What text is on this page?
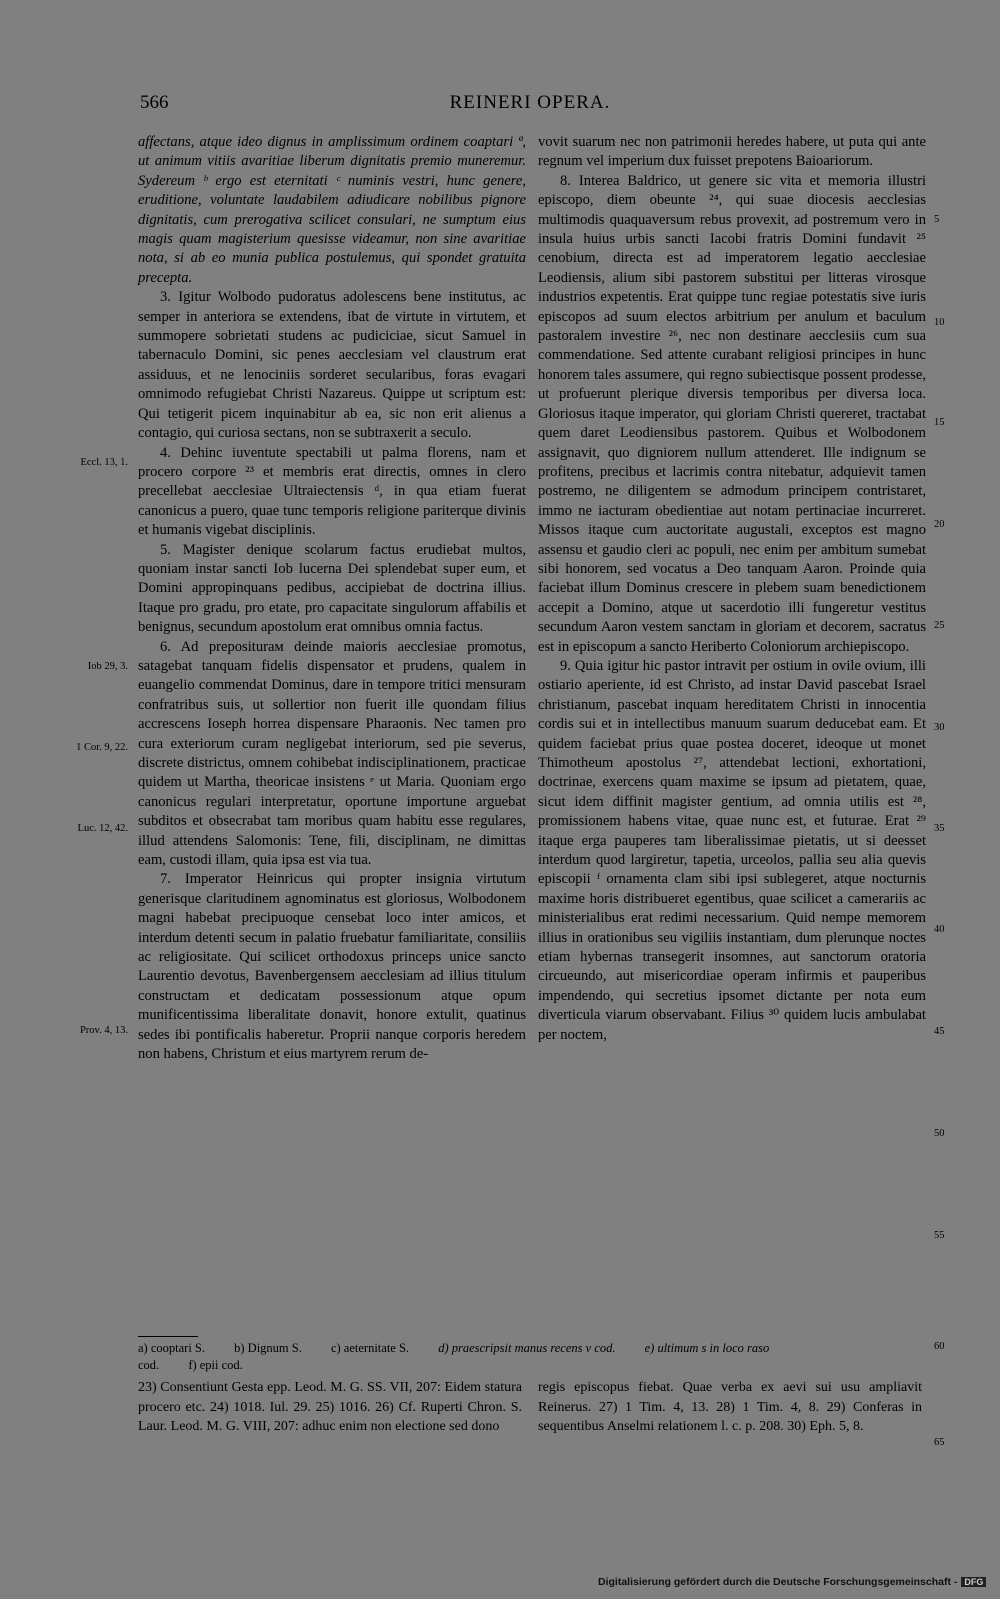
566	REINERI OPERA.

affectans, atque ideo dignus in amplissimum ordinem coaptari ª, ut animum vitiis avaritiae liberum dignitatis premio muneremur. Sydereum ᵇ ergo est eternitati ᶜ numinis vestri, hunc genere, eruditione, voluntate laudabilem adiudicare nobilibus pignore dignitatis, cum prerogativa scilicet consulari, ne sumptum eius magis quam magisterium quesisse videamur, non sine avaritiae nota, si ab eo munia publica postulemus, qui spondet gratuita precepta.

3. Igitur Wolbodo pudoratus adolescens bene institutus, ac semper in anteriora se extendens, ibat de virtute in virtutem, et summopere sobrietati studens ac pudiciciae, sicut Samuel in tabernaculo Domini, sic penes aecclesiam vel claustrum erat assiduus, et ne lenociniis sorderet secularibus, foras evagari omnimodo refugiebat Christi Nazareus. Quippe ut scriptum est: Qui tetigerit picem inquinabitur ab ea, sic non erit alienus a contagio, qui curiosa sectans, non se subtraxerit a seculo.

4. Dehinc iuventute spectabili ut palma florens, nam et procero corpore ²³ et membris erat directis, omnes in clero precellebat aecclesiae Ultraiectensis ᵈ, in qua etiam fuerat canonicus a puero, quae tunc temporis religione pariterque divinis et humanis vigebat disciplinis.

5. Magister denique scolarum factus erudiebat multos, quoniam instar sancti Iob lucerna Dei splendebat super eum, et Domini appropinquans pedibus, accipiebat de doctrina illius. Itaque pro gradu, pro etate, pro capacitate singulorum affabilis et benignus, secundum apostolum erat omnibus omnia factus.

6. Ad prepositurам deinde maioris aecclesiae promotus, satagebat tanquam fidelis dispensator et prudens, qualem in euangelio commendat Dominus, dare in tempore tritici mensuram confratribus suis, ut sollertior non fuerit ille quondam filius accrescens Ioseph horrea dispensare Pharaonis. Nec tamen pro cura exteriorum curam negligebat interiorum, sed pie severus, discrete districtus, omnem cohibebat indisciplinationem, practicae quidem ut Martha, theoricae insistens ᵉ ut Maria. Quoniam ergo canonicus regulari interpretatur, oportune importune arguebat subditos et obsecrabat tam moribus quam habitu esse regulares, illud attendens Salomonis: Tene, fili, disciplinam, ne dimittas eam, custodi illam, quia ipsa est via tua.

7. Imperator Heinricus qui propter insignia virtutum generisque claritudinem agnominatus est gloriosus, Wolbodonem magni habebat precipuoque censebat loco inter amicos, et interdum detenti secum in palatio fruebatur familiaritate, consiliis ac religiositate. Qui scilicet orthodoxus princeps unice sancto Laurentio devotus, Bavenbergensem aecclesiam ad illius titulum constructam et dedicatam possessionum atque opum munificentissima liberalitate donavit, honore extulit, quatinus sedes ibi pontificalis haberetur. Proprii nanque corporis heredem non habens, Christum et eius martyrem rerum de-

vovit suarum nec non patrimonii heredes habere, ut puta qui ante regnum vel imperium dux fuisset prepotens Baioariorum.

8. Interea Baldrico, ut genere sic vita et memoria illustri episcopo, diem obeunte ²⁴, qui suae diocesis aecclesias multimodis quaquaversum rebus provexit, ad postremum vero in insula huius urbis sancti Iacobi fratris Domini fundavit ²⁵ cenobium, directa est ad imperatorem legatio aecclesiae Leodiensis, alium sibi pastorem substitui per litteras virosque industrios expetentis. Erat quippe tunc regiae potestatis sive iuris episcopos ad suum electos arbitrium per anulum et baculum pastoralem investire ²⁶, nec non destinare aecclesiis cum sua commendatione. Sed attente curabant religiosi principes in hunc honorem tales assumere, qui regno subiectisque possent prodesse, ut profuerunt plerique diversis temporibus per diversa loca. Gloriosus itaque imperator, qui gloriam Christi quereret, tractabat quem daret Leodiensibus pastorem. Quibus et Wolbodonem assignavit, quo digniorem nullum attenderet. Ille indignum se profitens, precibus et lacrimis contra nitebatur, adquievit tamen postremo, ne diligentem se admodum principem contristaret, immo ne iacturam obedientiae aut notam pertinaciae incurreret. Missos itaque cum auctoritate augustali, exceptos est magno assensu et gaudio cleri ac populi, nec enim per ambitum sumebat sibi honorem, sed vocatus a Deo tanquam Aaron. Proinde quia faciebat illum Dominus crescere in plebem suam benedictionem accepit a Domino, atque ut sacerdotio illi fungeretur vestitus secundum Aaron vestem sanctam in gloriam et decorem, sacratus est in episcopum a sancto Heriberto Coloniorum archiepiscopo.

9. Quia igitur hic pastor intravit per ostium in ovile ovium, illi ostiario aperiente, id est Christo, ad instar David pascebat Israel christianum, pascebat inquam hereditatem Christi in innocentia cordis sui et in intellectibus manuum suarum deducebat eam. Et quidem faciebat prius quae postea doceret, ideoque ut monet Thimotheum apostolus ²⁷, attendebat lectioni, exhortationi, doctrinae, exercens quam maxime se ipsum ad pietatem, quae, sicut idem diffinit magister gentium, ad omnia utilis est ²⁸, promissionem habens vitae, quae nunc est, et futurae. Erat ²⁹ itaque erga pauperes tam liberalissimae pietatis, ut si deesset interdum quod largiretur, tapetia, urceolos, pallia seu alia quevis episcopii ᶠ ornamenta clam sibi ipsi sublegeret, atque nocturnis maxime horis distribueret egentibus, quae scilicet a camerariis ac ministerialibus erat redimi necessarium. Quid nempe memorem illius in orationibus seu vigiliis instantiam, dum plerunque noctes etiam hybernas transegerit insomnes, aut sanctorum oratoria circueundo, aut misericordiae operam infirmis et pauperibus impendendo, qui secretius ipsomet dictante per nota eum diverticula viarum observabant. Filius ³⁰ quidem lucis ambulabat per noctem,

Eccl. 13, 1.
Iob 29, 3.
1 Cor. 9, 22.
Luc. 12, 42.
Prov. 4, 13.
5
10
15
20
25
30
35
40
45
50
55
60
65
a) cooptari S. b) Dignum S. c) aeternitate S. d) praescripsit manus recens v cod. e) ultimum s in loco raso
cod. f) epii cod.
23) Consentiunt Gesta epp. Leod. M. G. SS. VII, 207: Eidem statura procero etc. 24) 1018. Iul. 29. 25) 1016. 26) Cf. Ruperti Chron. S. Laur. Leod. M. G. VIII, 207: adhuc enim non electione sed dono
regis episcopus fiebat. Quae verba ex aevi sui usu ampliavit Reinerus. 27) 1 Tim. 4, 13. 28) 1 Tim. 4, 8. 29) Conferas in sequentibus Anselmi relationem l. c. p. 208. 30) Eph. 5, 8.
Digitalisierung gefördert durch die Deutsche Forschungsgemeinschaft - DFG
